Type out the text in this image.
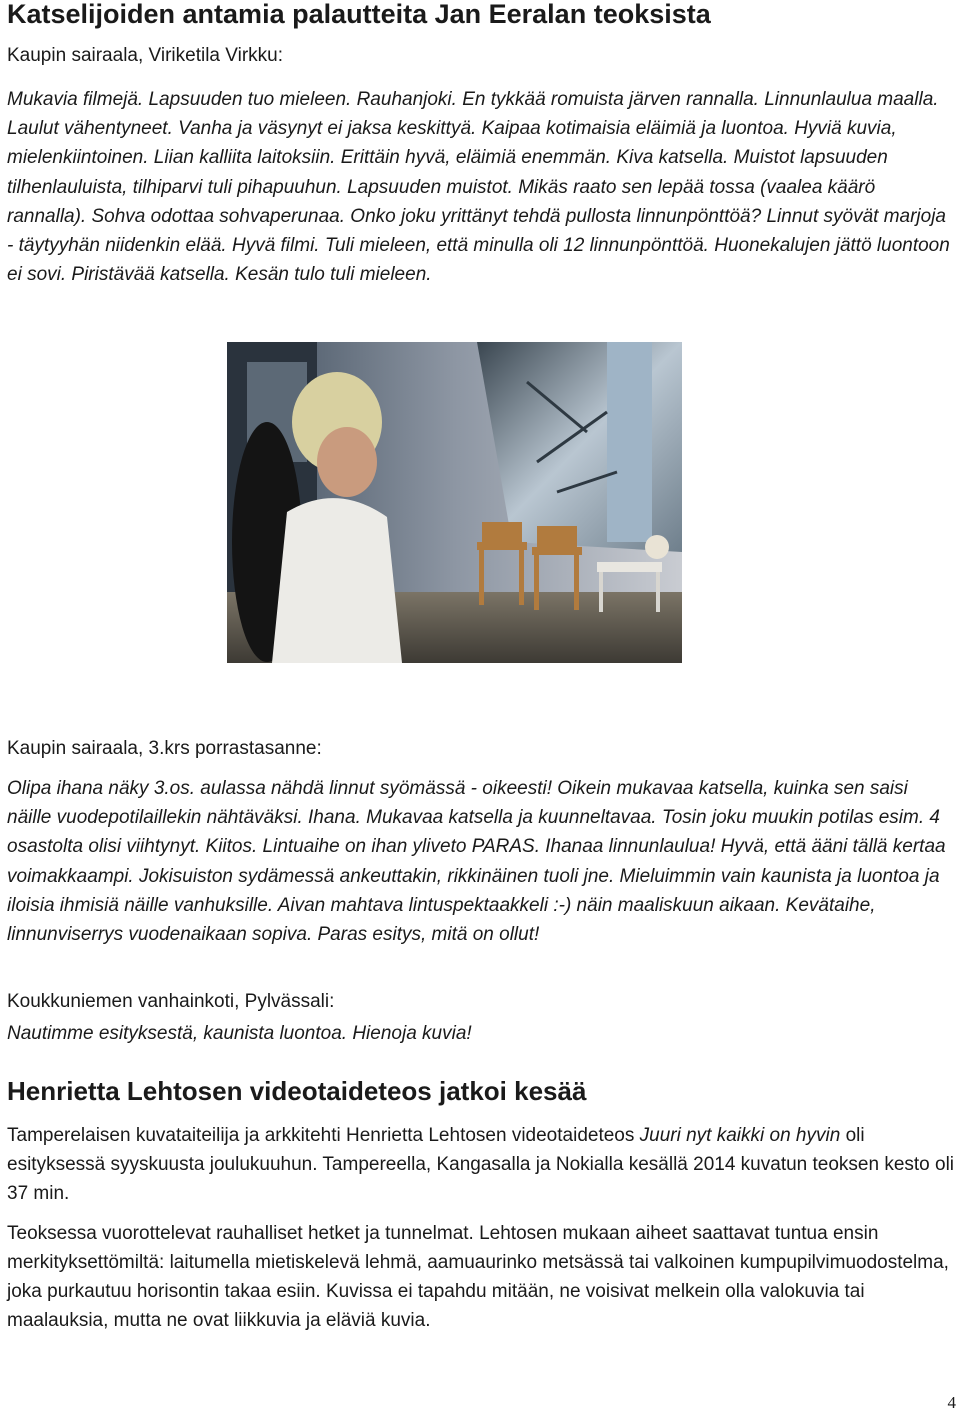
Katselijoiden antamia palautteita Jan Eeralan teoksista
Kaupin sairaala, Viriketila Virkku:
Mukavia filmejä. Lapsuuden tuo mieleen. Rauhanjoki. En tykkää romuista järven rannalla. Linnunlaulua maalla. Laulut vähentyneet. Vanha ja väsynyt ei jaksa keskittyä. Kaipaa kotimaisia eläimiä ja luontoa. Hyviä kuvia, mielenkiintoinen. Liian kalliita laitoksiin. Erittäin hyvä, eläimiä enemmän. Kiva katsella. Muistot lapsuuden tilhenlauluista, tilhiparvi tuli pihapuuhun. Lapsuuden muistot. Mikäs raato sen lepää tossa (vaalea käärö rannalla). Sohva odottaa sohvaperunaa. Onko joku yrittänyt tehdä pullosta linnunpönttöä? Linnut syövät marjoja - täytyyhän niidenkin elää. Hyvä filmi. Tuli mieleen, että minulla oli 12 linnunpönttöä. Huonekalujen jättö luontoon ei sovi. Piristävää katsella. Kesän tulo tuli mieleen.
Kaupin sairaala, 3.krs porrastasanne:
Olipa ihana näky 3.os. aulassa nähdä linnut syömässä - oikeesti! Oikein mukavaa katsella, kuinka sen saisi näille vuodepotilaillekin nähtäväksi. Ihana. Mukavaa katsella ja kuunneltavaa. Tosin joku muukin potilas esim. 4 osastolta olisi viihtynyt. Kiitos. Lintuaihe on ihan yliveto PARAS. Ihanaa linnunlaulua! Hyvä, että ääni tällä kertaa voimakkaampi. Jokisuiston sydämessä ankeuttakin, rikkinäinen tuoli jne. Mieluimmin vain kaunista ja luontoa ja iloisia ihmisiä näille vanhuksille. Aivan mahtava lintuspektaakkeli :-) näin maaliskuun aikaan. Kevätaihe, linnunviserrys vuodenaikaan sopiva. Paras esitys, mitä on ollut!
Koukkuniemen vanhainkoti, Pylvässali:
Nautimme esityksestä, kaunista luontoa. Hienoja kuvia!
Henrietta Lehtosen videotaideteos jatkoi kesää
Tamperelaisen kuvataiteilija ja arkkitehti Henrietta Lehtosen videotaideteos Juuri nyt kaikki on hyvin oli esityksessä syyskuusta joulukuuhun. Tampereella, Kangasalla ja Nokialla kesällä 2014 kuvatun teoksen kesto oli 37 min.
Teoksessa vuorottelevat rauhalliset hetket ja tunnelmat. Lehtosen mukaan aiheet saattavat tuntua ensin merkityksettömiltä: laitumella mietiskelevä lehmä, aamuaurinko metsässä tai valkoinen kumpupilvimuodostelma, joka purkautuu horisontin takaa esiin. Kuvissa ei tapahdu mitään, ne voisivat melkein olla valokuvia tai maalauksia, mutta ne ovat liikkuvia ja eläviä kuvia.
4
